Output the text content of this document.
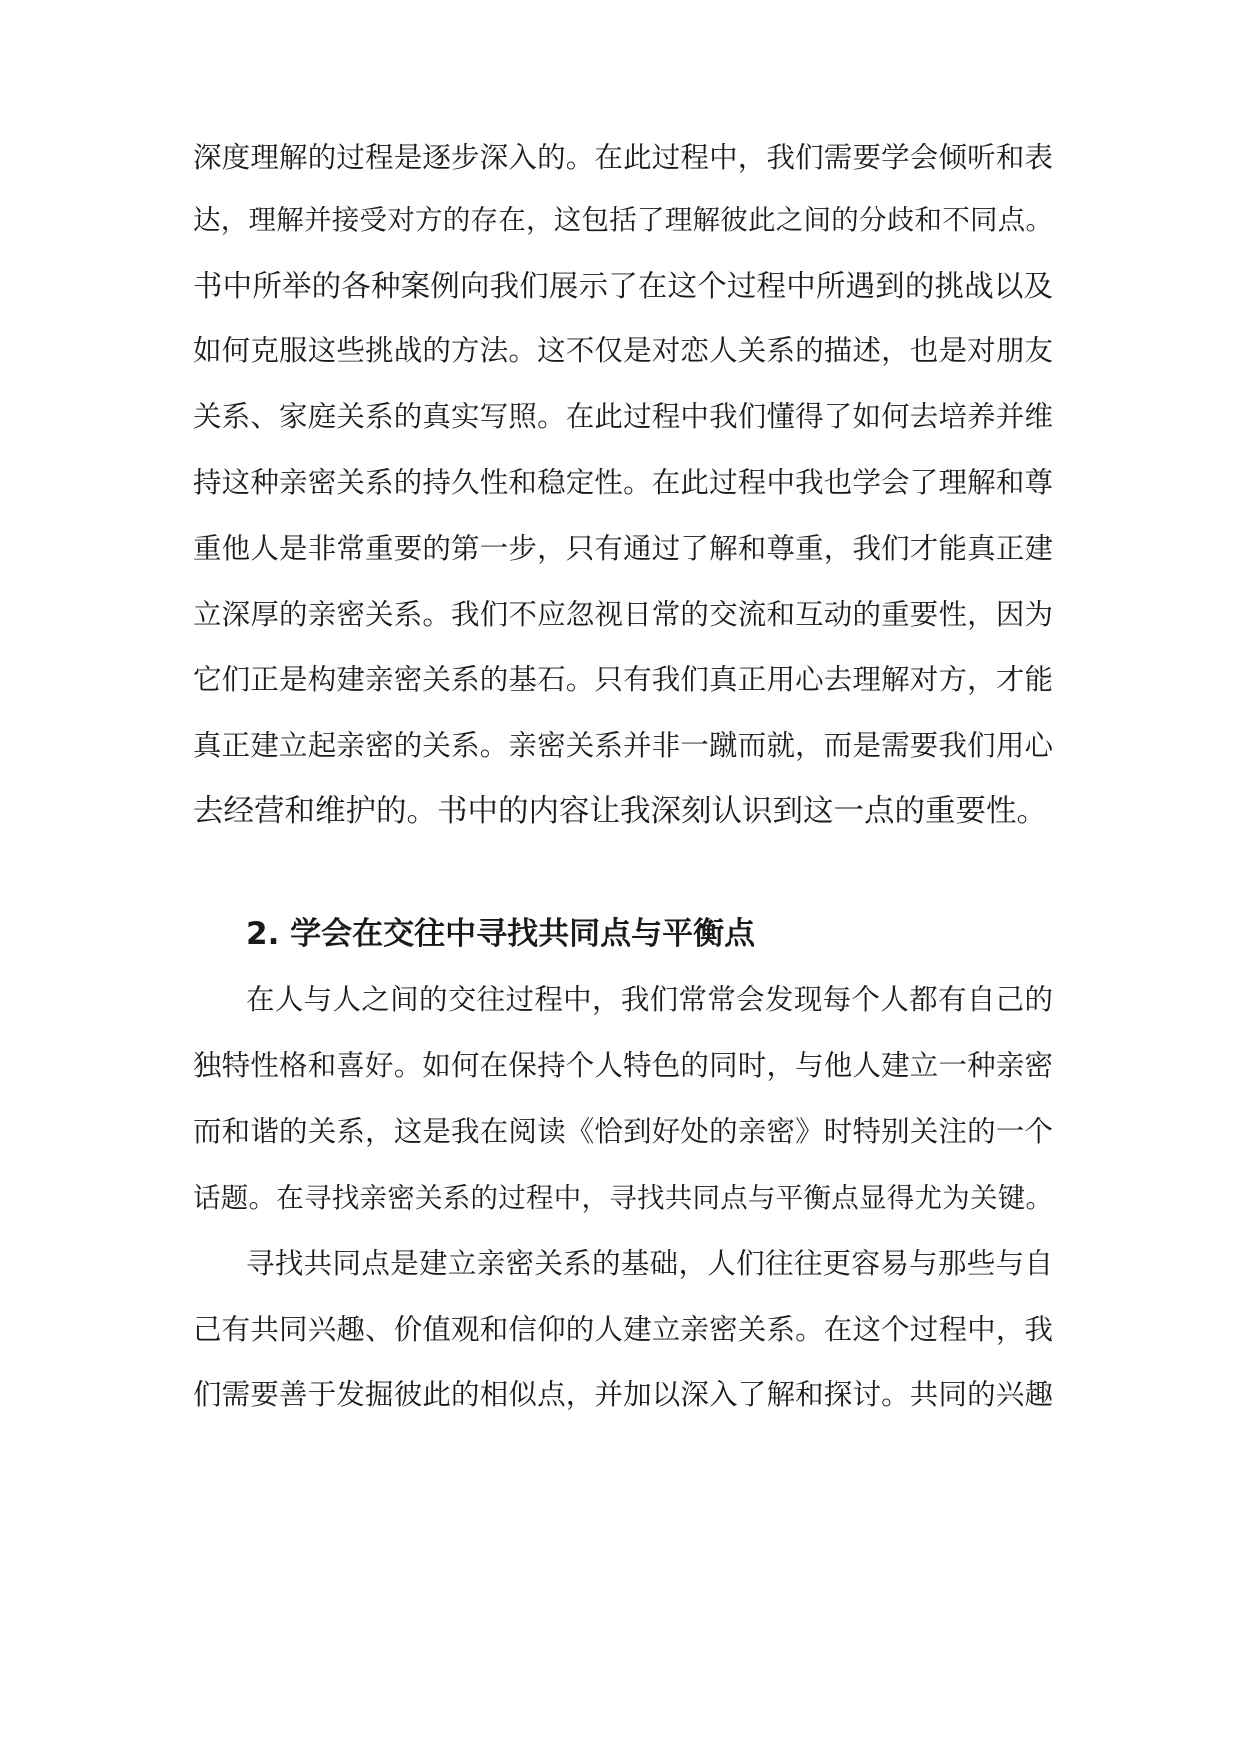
深度理解的过程是逐步深入的。在此过程中，我们需要学会倾听和表
达，理解并接受对方的存在，这包括了理解彼此之间的分歧和不同点。
书中所举的各种案例向我们展示了在这个过程中所遇到的挑战以及
如何克服这些挑战的方法。这不仅是对恋人关系的描述，也是对朋友
关系、家庭关系的真实写照。在此过程中我们懂得了如何去培养并维
持这种亲密关系的持久性和稳定性。在此过程中我也学会了理解和尊
重他人是非常重要的第一步，只有通过了解和尊重，我们才能真正建
立深厚的亲密关系。我们不应忽视日常的交流和互动的重要性，因为
它们正是构建亲密关系的基石。只有我们真正用心去理解对方，才能
真正建立起亲密的关系。亲密关系并非一蹴而就，而是需要我们用心
去经营和维护的。书中的内容让我深刻认识到这一点的重要性。
2. 学会在交往中寻找共同点与平衡点
在人与人之间的交往过程中，我们常常会发现每个人都有自己的
独特性格和喜好。如何在保持个人特色的同时，与他人建立一种亲密
而和谐的关系，这是我在阅读《恰到好处的亲密》时特别关注的一个
话题。在寻找亲密关系的过程中，寻找共同点与平衡点显得尤为关键。
寻找共同点是建立亲密关系的基础，人们往往更容易与那些与自
己有共同兴趣、价值观和信仰的人建立亲密关系。在这个过程中，我
们需要善于发掘彼此的相似点，并加以深入了解和探讨。共同的兴趣
